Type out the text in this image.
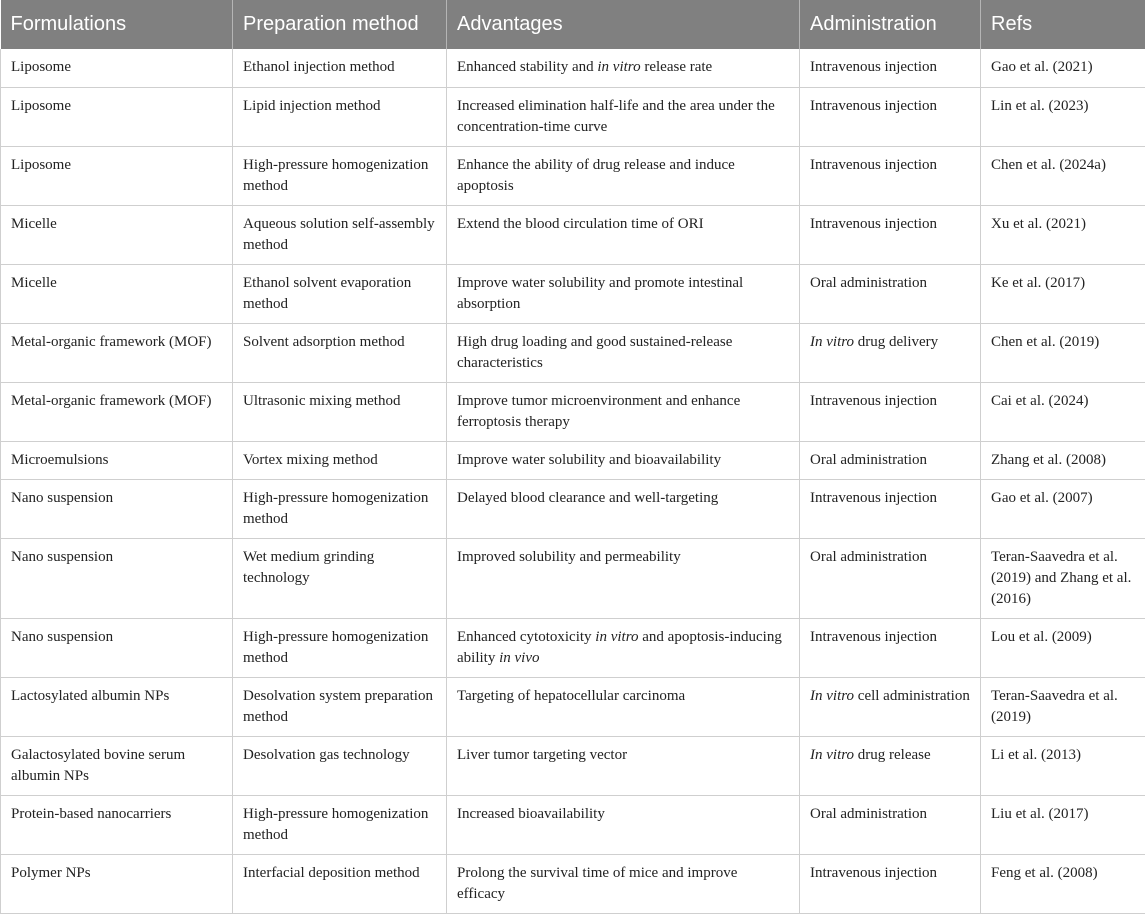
Formulations	Preparation method	Advantages	Administration	Refs
Liposome	Ethanol injection method	Enhanced stability and in vitro release rate	Intravenous injection	Gao et al. (2021)
Liposome	Lipid injection method	Increased elimination half-life and the area under the concentration-time curve	Intravenous injection	Lin et al. (2023)
Liposome	High-pressure homogenization method	Enhance the ability of drug release and induce apoptosis	Intravenous injection	Chen et al. (2024a)
Micelle	Aqueous solution self-assembly method	Extend the blood circulation time of ORI	Intravenous injection	Xu et al. (2021)
Micelle	Ethanol solvent evaporation method	Improve water solubility and promote intestinal absorption	Oral administration	Ke et al. (2017)
Metal-organic framework (MOF)	Solvent adsorption method	High drug loading and good sustained-release characteristics	In vitro drug delivery	Chen et al. (2019)
Metal-organic framework (MOF)	Ultrasonic mixing method	Improve tumor microenvironment and enhance ferroptosis therapy	Intravenous injection	Cai et al. (2024)
Microemulsions	Vortex mixing method	Improve water solubility and bioavailability	Oral administration	Zhang et al. (2008)
Nano suspension	High-pressure homogenization method	Delayed blood clearance and well-targeting	Intravenous injection	Gao et al. (2007)
Nano suspension	Wet medium grinding technology	Improved solubility and permeability	Oral administration	Teran-Saavedra et al. (2019) and Zhang et al. (2016)
Nano suspension	High-pressure homogenization method	Enhanced cytotoxicity in vitro and apoptosis-inducing ability in vivo	Intravenous injection	Lou et al. (2009)
Lactosylated albumin NPs	Desolvation system preparation method	Targeting of hepatocellular carcinoma	In vitro cell administration	Teran-Saavedra et al. (2019)
Galactosylated bovine serum albumin NPs	Desolvation gas technology	Liver tumor targeting vector	In vitro drug release	Li et al. (2013)
Protein-based nanocarriers	High-pressure homogenization method	Increased bioavailability	Oral administration	Liu et al. (2017)
Polymer NPs	Interfacial deposition method	Prolong the survival time of mice and improve efficacy	Intravenous injection	Feng et al. (2008)
